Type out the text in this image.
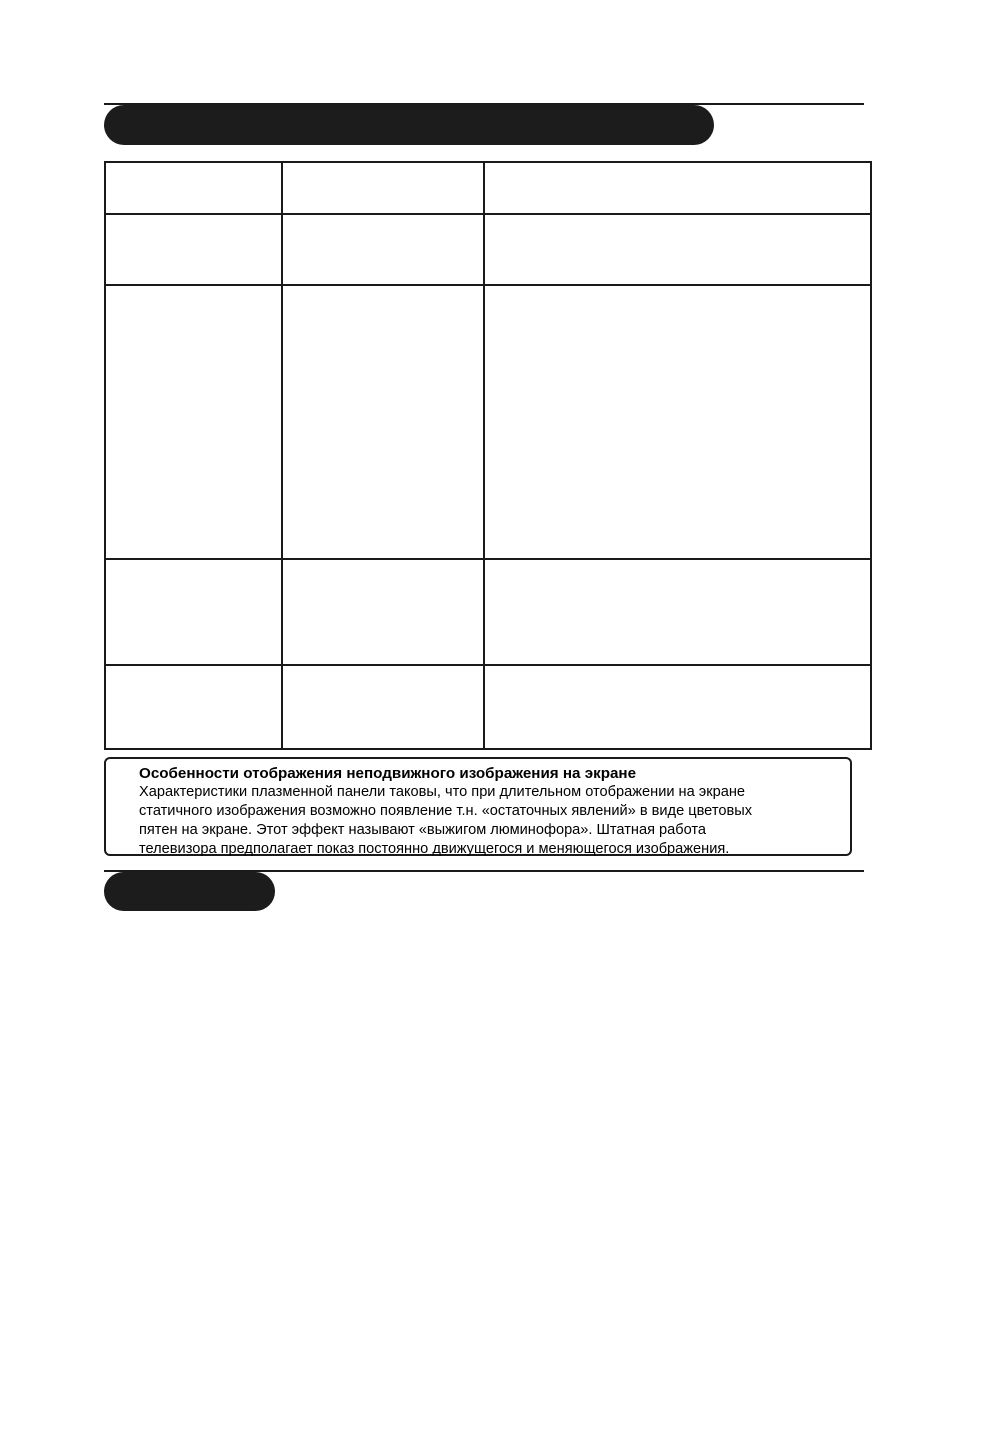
Особенности отображения неподвижного изображения на экране
Характеристики плазменной панели таковы, что при длительном отображении на экране
статичного изображения возможно появление т.н. «остаточных явлений» в виде цветовых
пятен на экране. Этот эффект называют «выжигом люминофора». Штатная работа
телевизора предполагает показ постоянно движущегося и меняющегося изображения.
